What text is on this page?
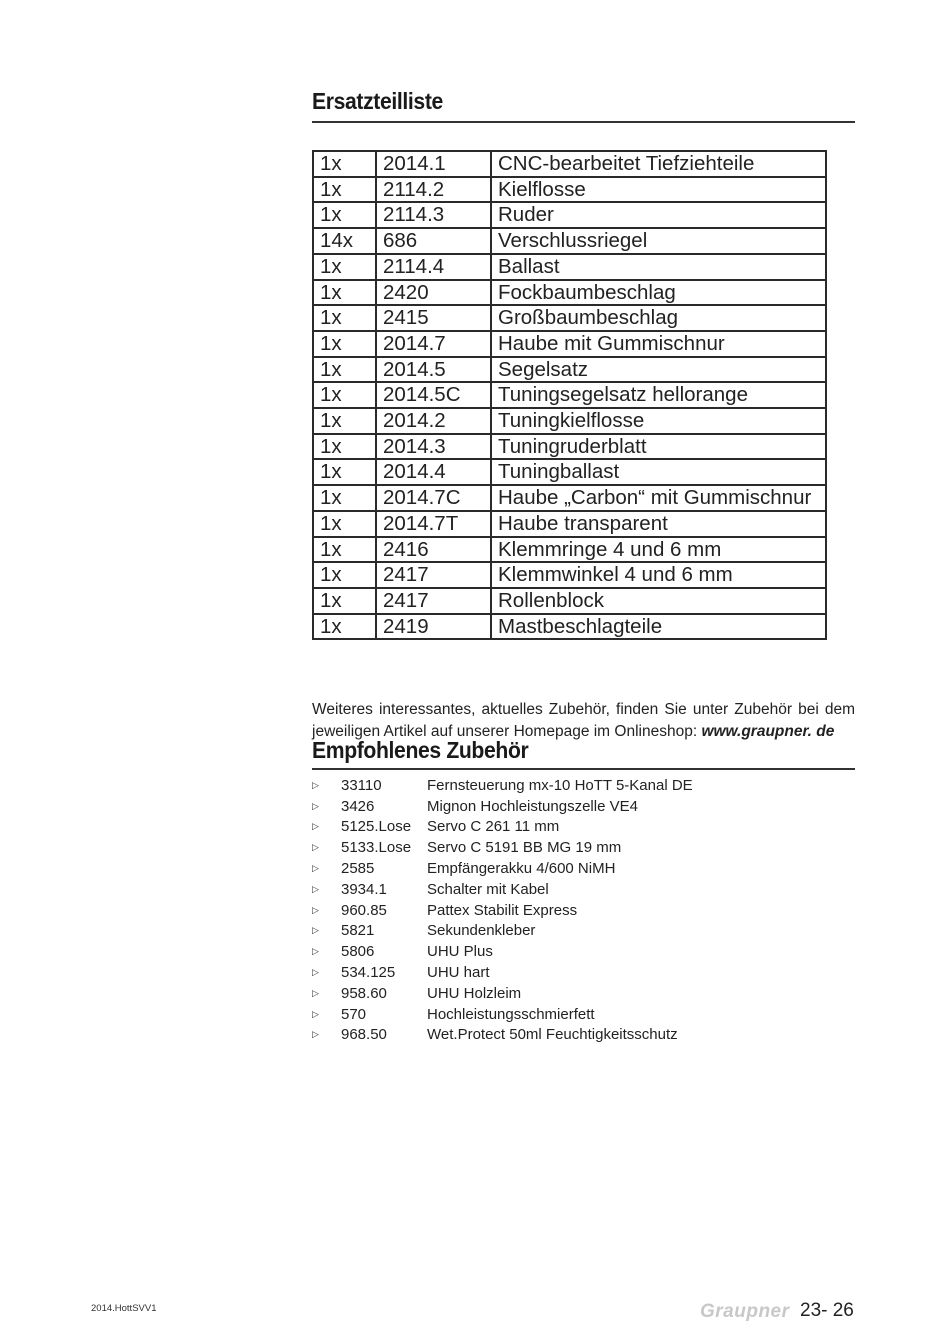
Ersatzteilliste
1x	2014.1	CNC-bearbeitet Tiefziehteile
1x	2114.2	Kielflosse
1x	2114.3	Ruder
14x	686	Verschlussriegel
1x	2114.4	Ballast
1x	2420	Fockbaumbeschlag
1x	2415	Großbaumbeschlag
1x	2014.7	Haube mit Gummischnur
1x	2014.5	Segelsatz
1x	2014.5C	Tuningsegelsatz hellorange
1x	2014.2	Tuningkielflosse
1x	2014.3	Tuningruderblatt
1x	2014.4	Tuningballast
1x	2014.7C	Haube „Carbon“ mit Gummischnur
1x	2014.7T	Haube transparent
1x	2416	Klemmringe 4 und 6 mm
1x	2417	Klemmwinkel 4 und 6 mm
1x	2417	Rollenblock
1x	2419	Mastbeschlagteile

Weiteres interessantes, aktuelles Zubehör, finden Sie unter Zubehör bei dem jeweiligen Artikel auf unserer Homepage im Onlineshop: www.graupner. de

Empfohlenes Zubehör
▷	33110	Fernsteuerung mx-10 HoTT 5-Kanal DE
▷	3426	Mignon Hochleistungszelle VE4
▷	5125.Lose	Servo C 261 11 mm
▷	5133.Lose	Servo C 5191 BB MG 19 mm
▷	2585	Empfängerakku 4/600 NiMH
▷	3934.1	Schalter mit Kabel
▷	960.85	Pattex Stabilit Express
▷	5821	Sekundenkleber
▷	5806	UHU Plus
▷	534.125	UHU hart
▷	958.60	UHU Holzleim
▷	570	Hochleistungsschmierfett
▷	968.50	Wet.Protect 50ml Feuchtigkeitsschutz
2014.HottSVV1	Graupner 23- 26
